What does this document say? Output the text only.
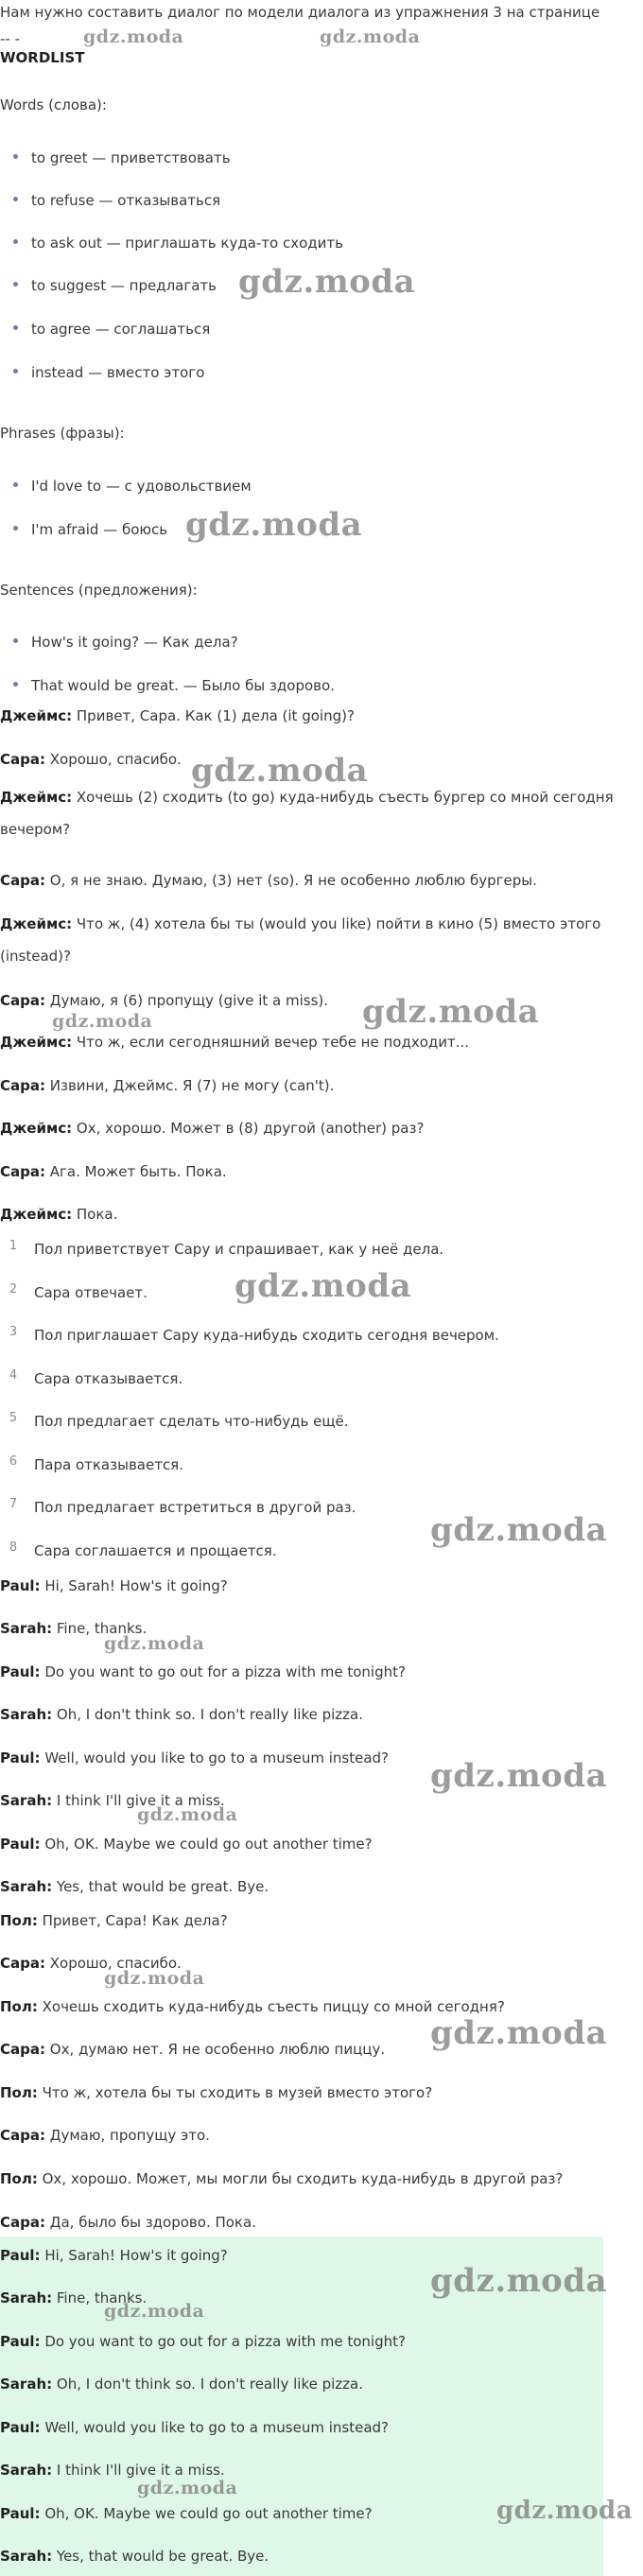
Нам нужно составить диалог по модели диалога из упражнения 3 на странице
-- -
WORDLIST
Words (слова):
to greet — приветствовать
to refuse — отказываться
to ask out — приглашать куда-то сходить
to suggest — предлагать
to agree — соглашаться
instead — вместо этого
Phrases (фразы):
I'd love to — с удовольствием
I'm afraid — боюсь
Sentences (предложения):
How's it going? — Как дела?
That would be great. — Было бы здорово.
Джеймс: Привет, Сара. Как (1) дела (it going)?
Сара: Хорошо, спасибо.
Джеймс: Хочешь (2) сходить (to go) куда-нибудь съесть бургер со мной сегодня вечером?
Сара: О, я не знаю. Думаю, (3) нет (so). Я не особенно люблю бургеры.
Джеймс: Что ж, (4) хотела бы ты (would you like) пойти в кино (5) вместо этого (instead)?
Сара: Думаю, я (6) пропущу (give it a miss).
Джеймс: Что ж, если сегодняшний вечер тебе не подходит...
Сара: Извини, Джеймс. Я (7) не могу (can't).
Джеймс: Ох, хорошо. Может в (8) другой (another) раз?
Сара: Ага. Может быть. Пока.
Джеймс: Пока.
1	Пол приветствует Сару и спрашивает, как у неё дела.
2	Сара отвечает.
3	Пол приглашает Сару куда-нибудь сходить сегодня вечером.
4	Сара отказывается.
5	Пол предлагает сделать что-нибудь ещё.
6	Пара отказывается.
7	Пол предлагает встретиться в другой раз.
8	Сара соглашается и прощается.
Paul: Hi, Sarah! How's it going?
Sarah: Fine, thanks.
Paul: Do you want to go out for a pizza with me tonight?
Sarah: Oh, I don't think so. I don't really like pizza.
Paul: Well, would you like to go to a museum instead?
Sarah: I think I'll give it a miss.
Paul: Oh, OK. Maybe we could go out another time?
Sarah: Yes, that would be great. Bye.
Пол: Привет, Сара! Как дела?
Сара: Хорошо, спасибо.
Пол: Хочешь сходить куда-нибудь съесть пиццу со мной сегодня?
Сара: Ох, думаю нет. Я не особенно люблю пиццу.
Пол: Что ж, хотела бы ты сходить в музей вместо этого?
Сара: Думаю, пропущу это.
Пол: Ох, хорошо. Может, мы могли бы сходить куда-нибудь в другой раз?
Сара: Да, было бы здорово. Пока.
Paul: Hi, Sarah! How's it going?
Sarah: Fine, thanks.
Paul: Do you want to go out for a pizza with me tonight?
Sarah: Oh, I don't think so. I don't really like pizza.
Paul: Well, would you like to go to a museum instead?
Sarah: I think I'll give it a miss.
Paul: Oh, OK. Maybe we could go out another time?
Sarah: Yes, that would be great. Bye.
gdz.moda	gdz.moda
gdz.moda
gdz.moda
gdz.moda
gdz.moda
gdz.moda
gdz.moda
gdz.moda
gdz.moda
gdz.moda
gdz.moda
gdz.moda
gdz.moda
gdz.moda
gdz.moda
gdz.moda
gdz.moda
